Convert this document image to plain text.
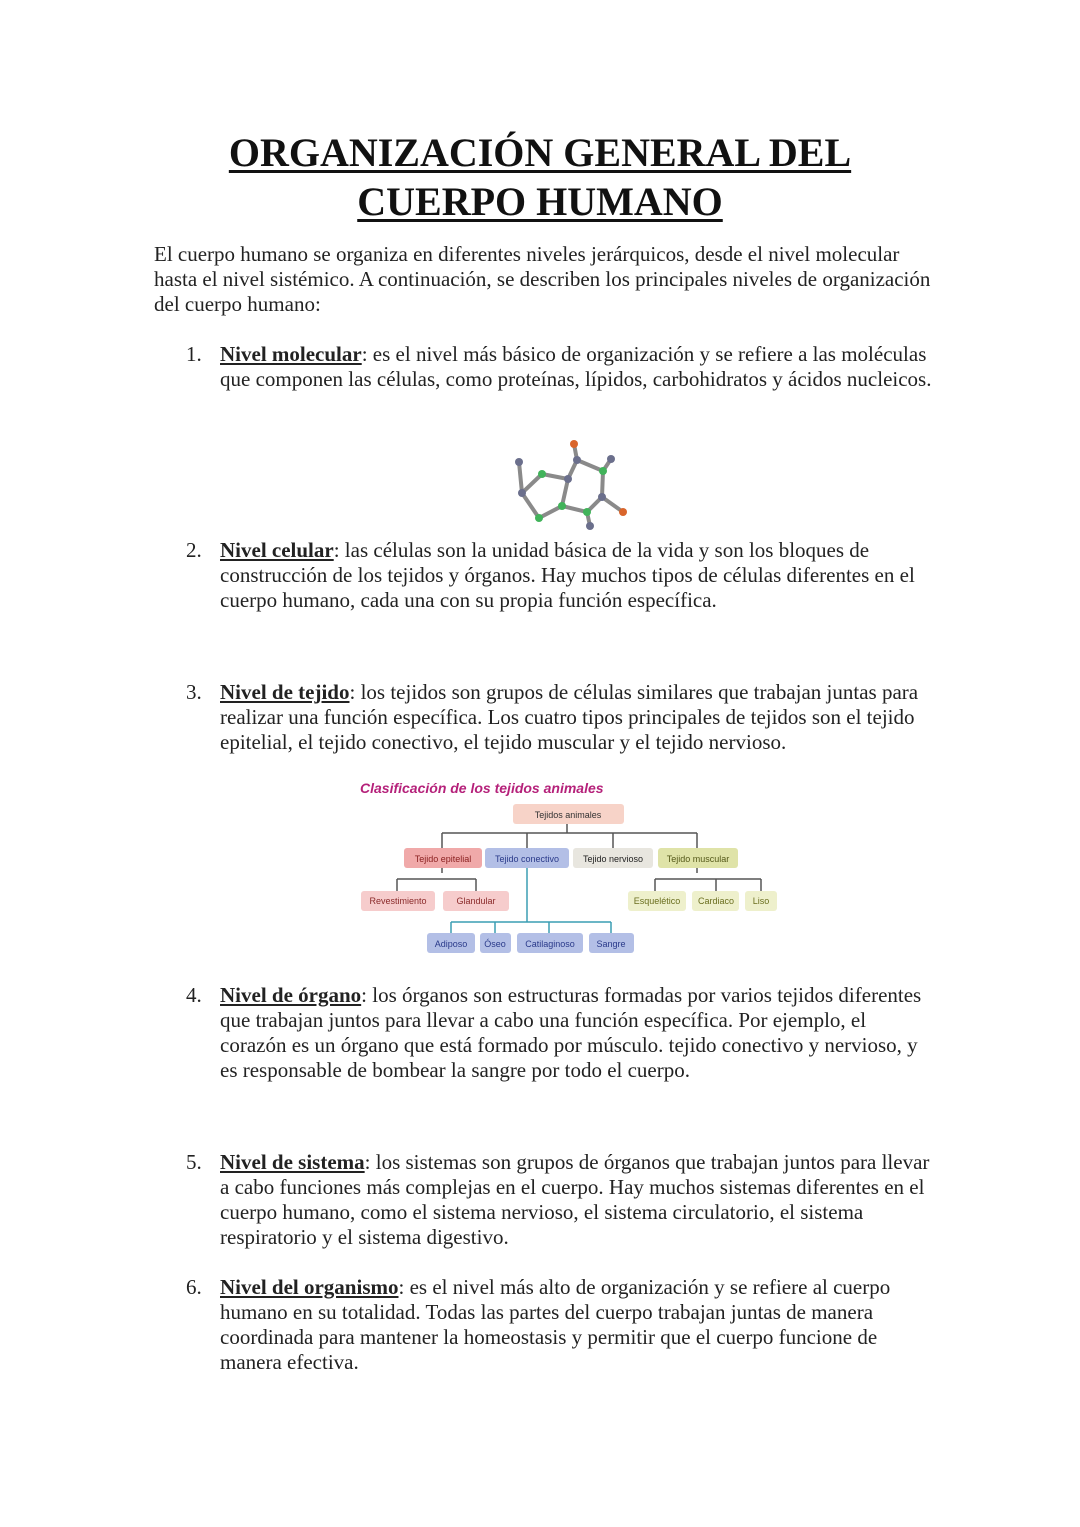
ORGANIZACIÓN GENERAL DEL
CUERPO HUMANO

El cuerpo humano se organiza en diferentes niveles jerárquicos, desde el nivel molecular hasta el nivel sistémico. A continuación, se describen los principales niveles de organización del cuerpo humano:

1. Nivel molecular: es el nivel más básico de organización y se refiere a las moléculas que componen las células, como proteínas, lípidos, carbohidratos y ácidos nucleicos.
2. Nivel celular: las células son la unidad básica de la vida y son los bloques de construcción de los tejidos y órganos. Hay muchos tipos de células diferentes en el cuerpo humano, cada una con su propia función específica.
3. Nivel de tejido: los tejidos son grupos de células similares que trabajan juntas para realizar una función específica. Los cuatro tipos principales de tejidos son el tejido epitelial, el tejido conectivo, el tejido muscular y el tejido nervioso.
Clasificación de los tejidos animales
Tejidos animales
Tejido epitelial	Tejido conectivo	Tejido nervioso	Tejido muscular
Revestimiento	Glandular	Esquelético Cardiaco Liso
Adiposo Óseo Catilaginoso Sangre
4. Nivel de órgano: los órganos son estructuras formadas por varios tejidos diferentes que trabajan juntos para llevar a cabo una función específica. Por ejemplo, el corazón es un órgano que está formado por músculo. tejido conectivo y nervioso, y es responsable de bombear la sangre por todo el cuerpo.
5. Nivel de sistema: los sistemas son grupos de órganos que trabajan juntos para llevar a cabo funciones más complejas en el cuerpo. Hay muchos sistemas diferentes en el cuerpo humano, como el sistema nervioso, el sistema circulatorio, el sistema respiratorio y el sistema digestivo.
6. Nivel del organismo: es el nivel más alto de organización y se refiere al cuerpo humano en su totalidad. Todas las partes del cuerpo trabajan juntas de manera coordinada para mantener la homeostasis y permitir que el cuerpo funcione de manera efectiva.
